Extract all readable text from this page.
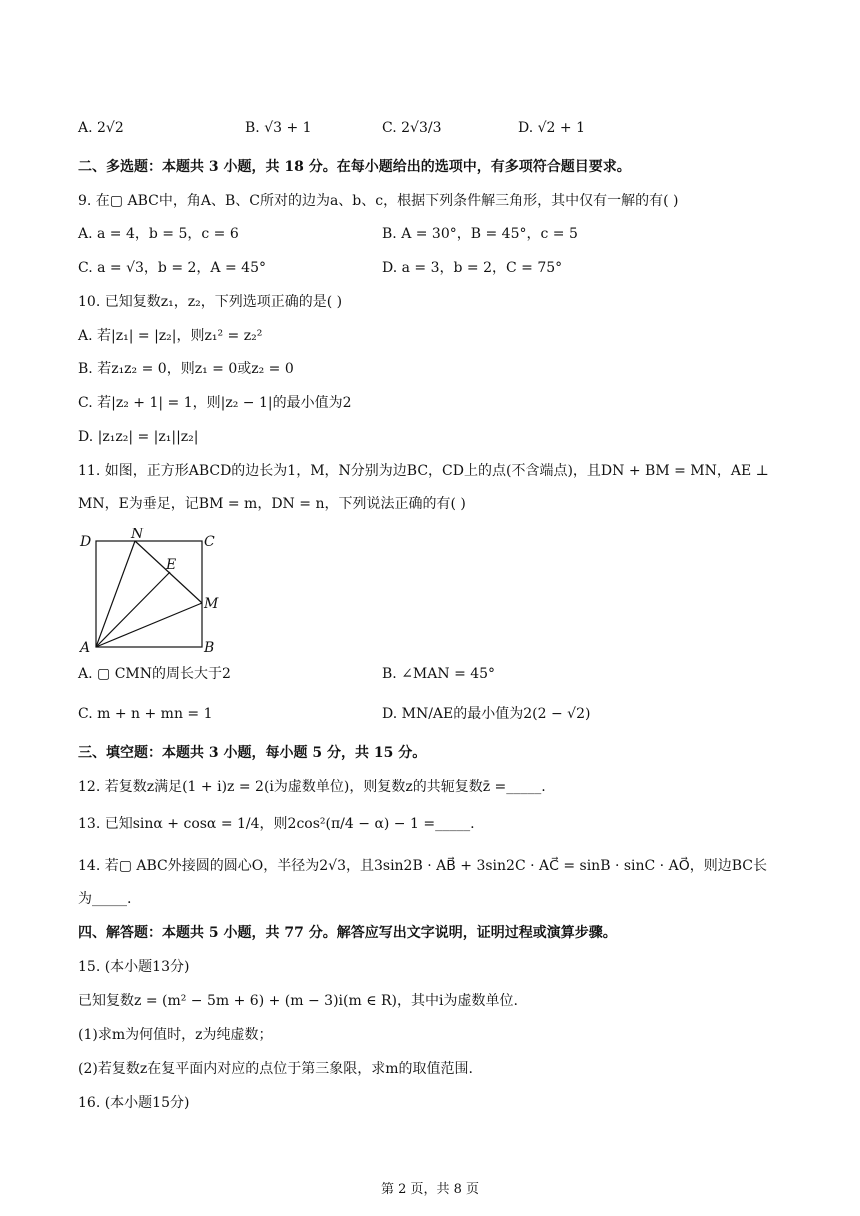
A. 2√2	B. √3 + 1	C. 2√3/3	D. √2 + 1
二、多选题：本题共 3 小题，共 18 分。在每小题给出的选项中，有多项符合题目要求。
9. 在▢ ABC中，角A、B、C所对的边为a、b、c，根据下列条件解三角形，其中仅有一解的有( )
A. a = 4，b = 5，c = 6	B. A = 30°，B = 45°，c = 5
C. a = √3，b = 2，A = 45°	D. a = 3，b = 2，C = 75°
10. 已知复数z₁，z₂，下列选项正确的是( )
A. 若|z₁| = |z₂|，则z₁² = z₂²
B. 若z₁z₂ = 0，则z₁ = 0或z₂ = 0
C. 若|z₂ + 1| = 1，则|z₂ − 1|的最小值为2
D. |z₁z₂| = |z₁||z₂|
11. 如图，正方形ABCD的边长为1，M，N分别为边BC，CD上的点(不含端点)，且DN + BM = MN，AE ⊥
MN，E为垂足，记BM = m，DN = n，下列说法正确的有( )
D	N	C
E
M
A	B
A. ▢ CMN的周长大于2	B. ∠MAN = 45°
C. m + n + mn = 1	D. MN/AE的最小值为2(2 − √2)
三、填空题：本题共 3 小题，每小题 5 分，共 15 分。
12. 若复数z满足(1 + i)z = 2(i为虚数单位)，则复数z的共轭复数z̄ =_____.
13. 已知sinα + cosα = 1/4，则2cos²(π/4 − α) − 1 =_____.
14. 若▢ ABC外接圆的圆心O，半径为2√3，且3sin2B · AB⃗ + 3sin2C · AC⃗ = sinB · sinC · AO⃗，则边BC长
为_____.
四、解答题：本题共 5 小题，共 77 分。解答应写出文字说明，证明过程或演算步骤。
15. (本小题13分)
已知复数z = (m² − 5m + 6) + (m − 3)i(m ∈ R)，其中i为虚数单位.
(1)求m为何值时，z为纯虚数；
(2)若复数z在复平面内对应的点位于第三象限，求m的取值范围.
16. (本小题15分)
第 2 页，共 8 页
